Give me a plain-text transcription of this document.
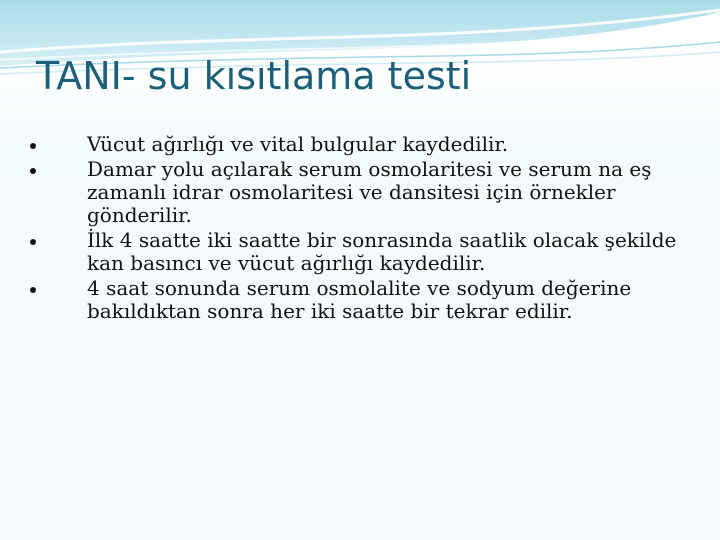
TANI- su kısıtlama testi
Vücut ağırlığı ve vital bulgular kaydedilir.
Damar yolu açılarak serum osmolaritesi ve serum na eş zamanlı idrar osmolaritesi ve dansitesi için örnekler gönderilir.
İlk 4 saatte iki saatte bir sonrasında saatlik olacak şekilde kan basıncı ve vücut ağırlığı kaydedilir.
4 saat sonunda serum osmolalite ve sodyum değerine bakıldıktan sonra her iki saatte bir tekrar edilir.
